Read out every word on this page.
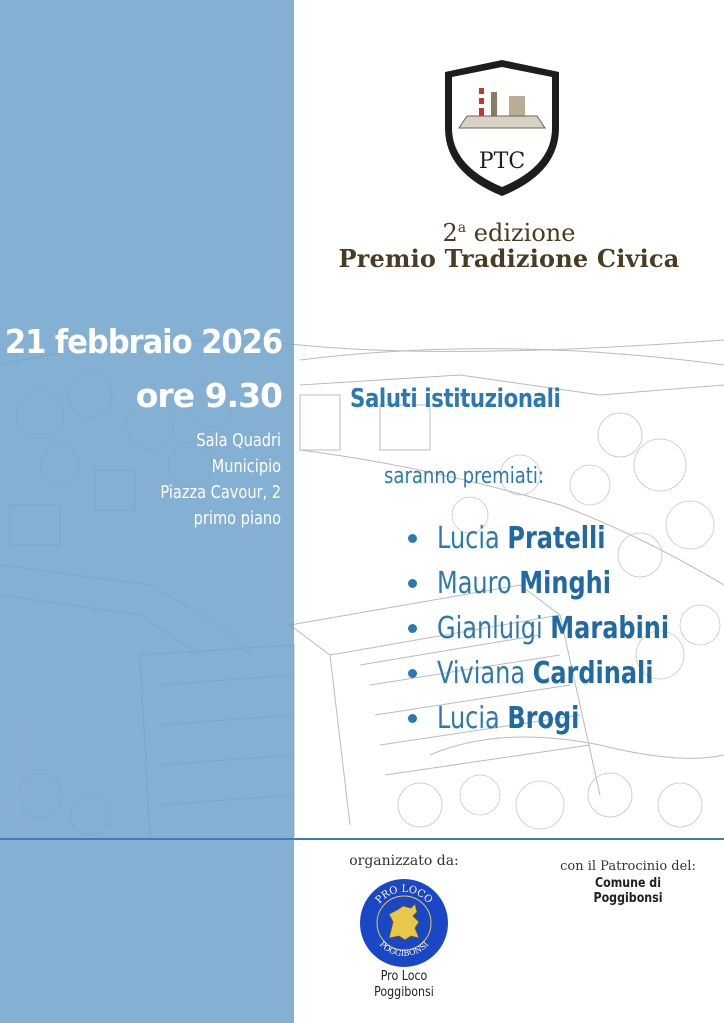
PTC
2$^a$ edizione
Premio Tradizione Civica
21 febbraio 2026
ore 9.30
Sala Quadri
Municipio
Piazza Cavour, 2
primo piano
Saluti istituzionali
saranno premiati:
Lucia Pratelli
Mauro Minghi
Gianluigi Marabini
Viviana Cardinali
Lucia Brogi
organizzato da:
PRO LOCO
POGGIBONSI
Pro Loco
Poggibonsi
con il Patrocinio del:
Comune di Poggibonsi
